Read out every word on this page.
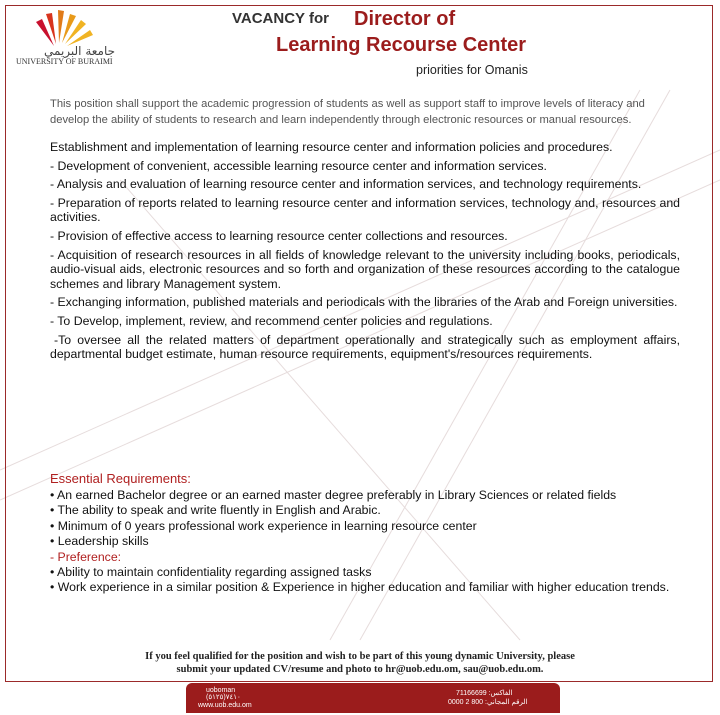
جامعة البريمي
UNIVERSITY OF BURAIMI
VACANCY for Director of
Learning Recourse Center
priorities for Omanis
This position shall support the academic progression of students as well as support staff to improve levels of literacy and develop the ability of students to research and learn independently through electronic resources or manual resources.

Establishment and implementation of learning resource center and information policies and procedures.

- Development of convenient, accessible learning resource center and information services.

- Analysis and evaluation of learning resource center and information services, and technology requirements.

- Preparation of reports related to learning resource center and information services, technology and, resources and activities.

- Provision of effective access to learning resource center collections and resources.

- Acquisition of research resources in all fields of knowledge relevant to the university including books, periodicals, audio-visual aids, electronic resources and so forth and organization of these resources according to the catalogue schemes and library Management system.

- Exchanging information, published materials and periodicals with the libraries of the Arab and Foreign universities.

- To Develop, implement, review, and recommend center policies and regulations.

-To oversee all the related matters of department operationally and strategically such as employment affairs, departmental budget estimate, human resource requirements, equipment's/resources requirements.

Essential Requirements:

• An earned Bachelor degree or an earned master degree preferably in Library Sciences or related fields

• The ability to speak and write fluently in English and Arabic.

• Minimum of 0 years professional work experience in learning resource center

• Leadership skills

- Preference:

• Ability to maintain confidentiality regarding assigned tasks

• Work experience in a similar position & Experience in higher education and familiar with higher education trends.

If you feel qualified for the position and wish to be part of this young dynamic University, please
submit your updated CV/resume and photo to hr@uob.edu.om, sau@uob.edu.om.
uoboman
(٥١٢٥)٧٤١٠
www.uob.edu.om
الفاكس: 71166699
الرقم المجاني: 800 2 0000
